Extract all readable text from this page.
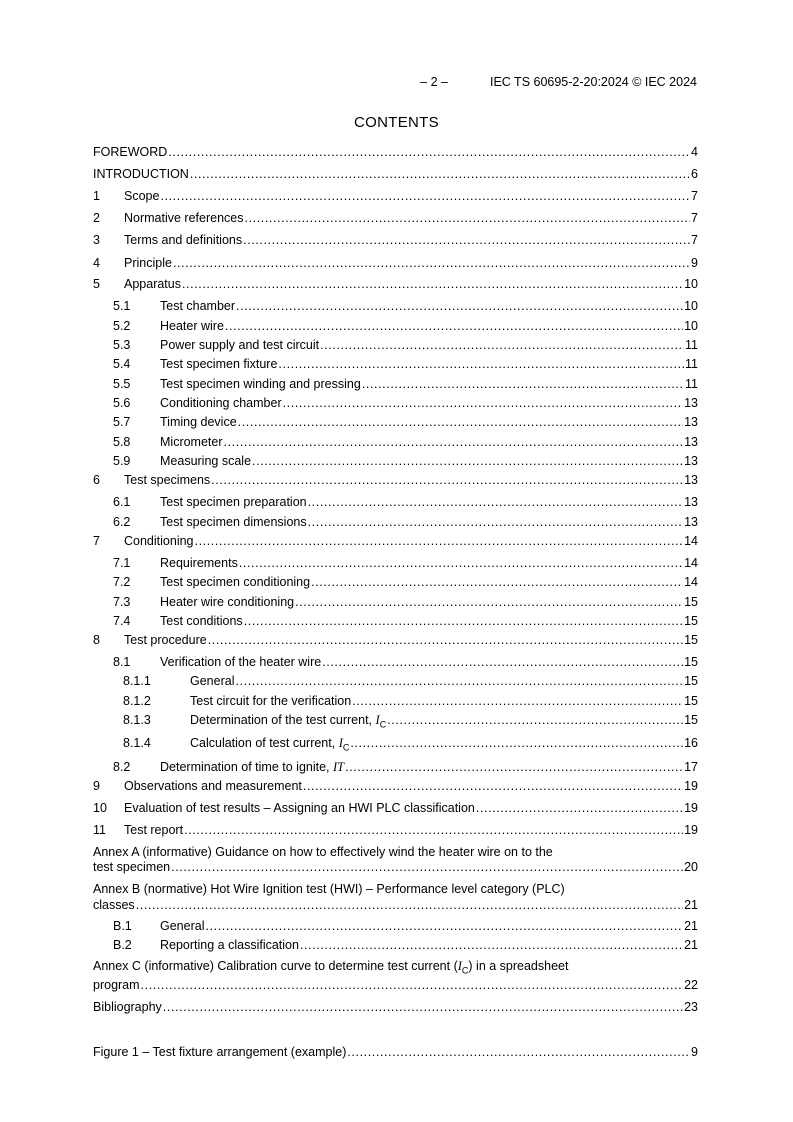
– 2 –	IEC TS 60695-2-20:2024 © IEC 2024
CONTENTS
FOREWORD .....	4
INTRODUCTION .....	6
1	Scope .....	7
2	Normative references .....	7
3	Terms and definitions .....	7
4	Principle .....	9
5	Apparatus .....	10
5.1	Test chamber .....	10
5.2	Heater wire .....	10
5.3	Power supply and test circuit .....	11
5.4	Test specimen fixture .....	11
5.5	Test specimen winding and pressing .....	11
5.6	Conditioning chamber .....	13
5.7	Timing device .....	13
5.8	Micrometer .....	13
5.9	Measuring scale .....	13
6	Test specimens .....	13
6.1	Test specimen preparation .....	13
6.2	Test specimen dimensions .....	13
7	Conditioning .....	14
7.1	Requirements .....	14
7.2	Test specimen conditioning .....	14
7.3	Heater wire conditioning .....	15
7.4	Test conditions .....	15
8	Test procedure .....	15
8.1	Verification of the heater wire .....	15
8.1.1	General .....	15
8.1.2	Test circuit for the verification .....	15
8.1.3	Determination of the test current, $I_C$ .....	15
8.1.4	Calculation of test current, $I_C$ .....	16
8.2	Determination of time to ignite, IT .....	17
9	Observations and measurement .....	19
10	Evaluation of test results – Assigning an HWI PLC classification .....	19
11	Test report .....	19
Annex A (informative) Guidance on how to effectively wind the heater wire on to the
test specimen .....	20
Annex B (normative) Hot Wire Ignition test (HWI) – Performance level category (PLC)
classes .....	21
B.1	General .....	21
B.2	Reporting a classification .....	21
Annex C (informative) Calibration curve to determine test current $(I_C)$ in a spreadsheet
program .....	22
Bibliography .....	23
Figure 1 – Test fixture arrangement (example) .....	9
